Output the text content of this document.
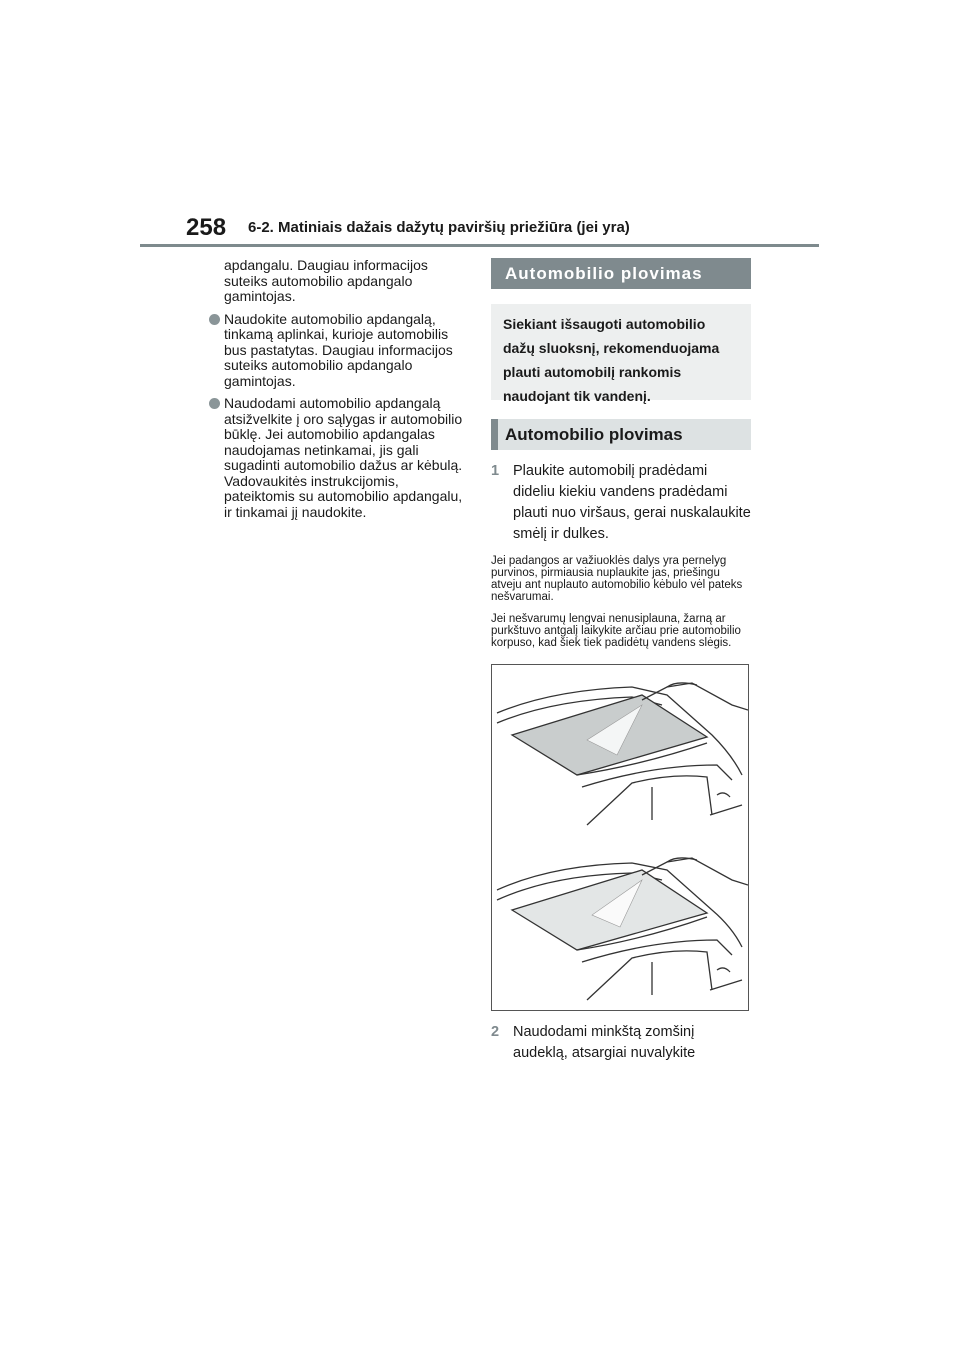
258 6-2. Matiniais dažais dažytų paviršių priežiūra (jei yra)

apdangalu. Daugiau informacijos suteiks automobilio apdangalo gamintojas.

Naudokite automobilio apdangalą, tinkamą aplinkai, kurioje automobilis bus pastatytas. Daugiau informacijos suteiks automobilio apdangalo gamintojas.
Naudodami automobilio apdangalą atsižvelkite į oro sąlygas ir automobilio būklę. Jei automobilio apdangalas naudojamas netinkamai, jis gali sugadinti automobilio dažus ar kėbulą. Vadovaukitės instrukcijomis, pateiktomis su automobilio apdangalu, ir tinkamai jį naudokite.
Automobilio plovimas
Siekiant išsaugoti automobilio dažų sluoksnį, rekomenduojama plauti automobilį rankomis naudojant tik vandenį.
Automobilio plovimas
1 Plaukite automobilį pradėdami dideliu kiekiu vandens pradėdami plauti nuo viršaus, gerai nuskalaukite smėlį ir dulkes.
Jei padangos ar važiuoklės dalys yra pernelyg purvinos, pirmiausia nuplaukite jas, priešingu atveju ant nuplauto automobilio kėbulo vėl pateks nešvarumai.
Jei nešvarumų lengvai nenusiplauna, žarną ar purkštuvo antgalį laikykite arčiau prie automobilio korpuso, kad šiek tiek padidėtų vandens slėgis.
2 Naudodami minkštą zomšinį audeklą, atsargiai nuvalykite
